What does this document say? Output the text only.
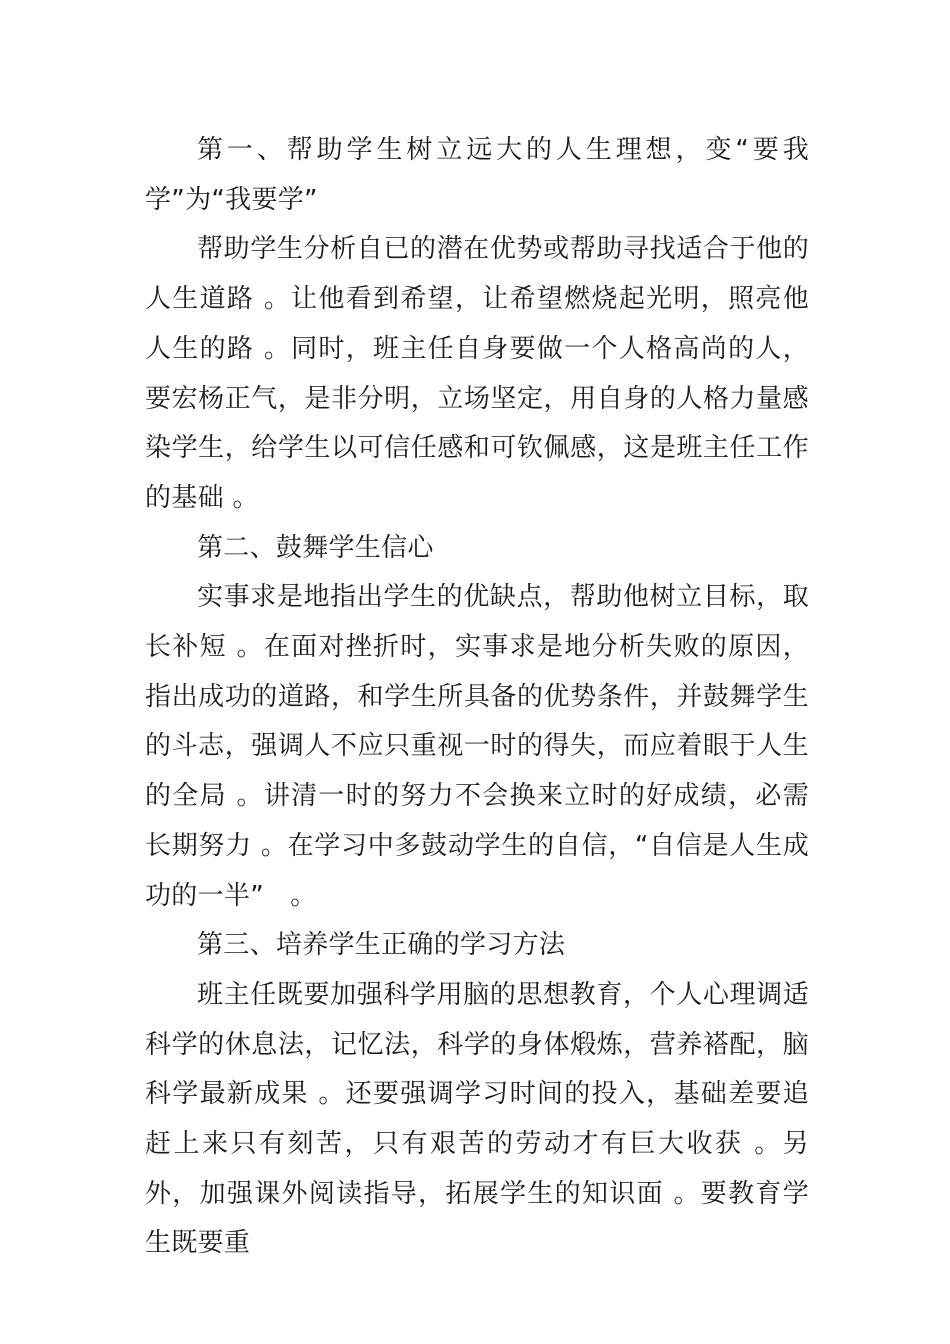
第一、帮助学生树立远大的人生理想，变“要我学”为“我要学”

帮助学生分析自已的潜在优势或帮助寻找适合于他的人生道路 。让他看到希望，让希望燃烧起光明，照亮他人生的路 。同时，班主任自身要做一个人格高尚的人，要宏杨正气，是非分明，立场坚定，用自身的人格力量感染学生，给学生以可信任感和可钦佩感，这是班主任工作的基础 。

第二、鼓舞学生信心

实事求是地指出学生的优缺点，帮助他树立目标，取长补短 。在面对挫折时，实事求是地分析失败的原因，指出成功的道路，和学生所具备的优势条件，并鼓舞学生的斗志，强调人不应只重视一时的得失，而应着眼于人生的全局 。讲清一时的努力不会换来立时的好成绩，必需长期努力 。在学习中多鼓动学生的自信，“自信是人生成功的一半”　。

第三、培养学生正确的学习方法

班主任既要加强科学用脑的思想教育，个人心理调适科学的休息法，记忆法，科学的身体煅炼，营养褡配，脑科学最新成果 。还要强调学习时间的投入，基础差要追赶上来只有刻苦，只有艰苦的劳动才有巨大收获 。另外，加强课外阅读指导，拓展学生的知识面 。要教育学生既要重
